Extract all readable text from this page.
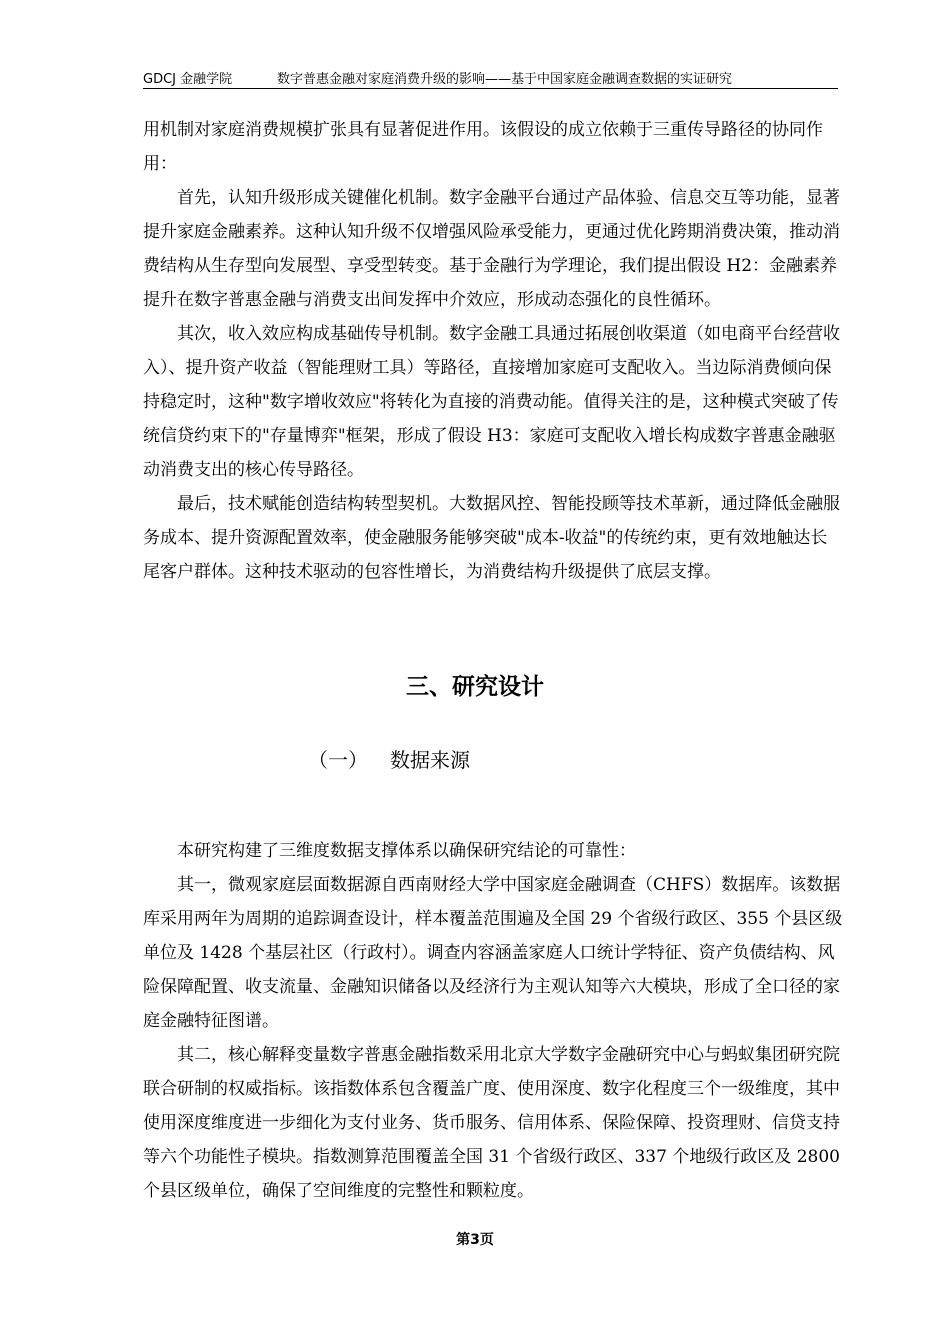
GDCJ 金融学院	数字普惠金融对家庭消费升级的影响——基于中国家庭金融调查数据的实证研究

用机制对家庭消费规模扩张具有显著促进作用。该假设的成立依赖于三重传导路径的协同作用：

首先，认知升级形成关键催化机制。数字金融平台通过产品体验、信息交互等功能，显著提升家庭金融素养。这种认知升级不仅增强风险承受能力，更通过优化跨期消费决策，推动消费结构从生存型向发展型、享受型转变。基于金融行为学理论，我们提出假设 H2：金融素养提升在数字普惠金融与消费支出间发挥中介效应，形成动态强化的良性循环。

其次，收入效应构成基础传导机制。数字金融工具通过拓展创收渠道（如电商平台经营收入）、提升资产收益（智能理财工具）等路径，直接增加家庭可支配收入。当边际消费倾向保持稳定时，这种"数字增收效应"将转化为直接的消费动能。值得关注的是，这种模式突破了传统信贷约束下的"存量博弈"框架，形成了假设 H3：家庭可支配收入增长构成数字普惠金融驱动消费支出的核心传导路径。

最后，技术赋能创造结构转型契机。大数据风控、智能投顾等技术革新，通过降低金融服务成本、提升资源配置效率，使金融服务能够突破"成本-收益"的传统约束，更有效地触达长尾客户群体。这种技术驱动的包容性增长，为消费结构升级提供了底层支撑。

三、研究设计
（一） 数据来源

本研究构建了三维度数据支撑体系以确保研究结论的可靠性：

其一，微观家庭层面数据源自西南财经大学中国家庭金融调查（CHFS）数据库。该数据库采用两年为周期的追踪调查设计，样本覆盖范围遍及全国 29 个省级行政区、355 个县区级单位及 1428 个基层社区（行政村）。调查内容涵盖家庭人口统计学特征、资产负债结构、风险保障配置、收支流量、金融知识储备以及经济行为主观认知等六大模块，形成了全口径的家庭金融特征图谱。

其二，核心解释变量数字普惠金融指数采用北京大学数字金融研究中心与蚂蚁集团研究院联合研制的权威指标。该指数体系包含覆盖广度、使用深度、数字化程度三个一级维度，其中使用深度维度进一步细化为支付业务、货币服务、信用体系、保险保障、投资理财、信贷支持等六个功能性子模块。指数测算范围覆盖全国 31 个省级行政区、337 个地级行政区及 2800 个县区级单位，确保了空间维度的完整性和颗粒度。

第3页
